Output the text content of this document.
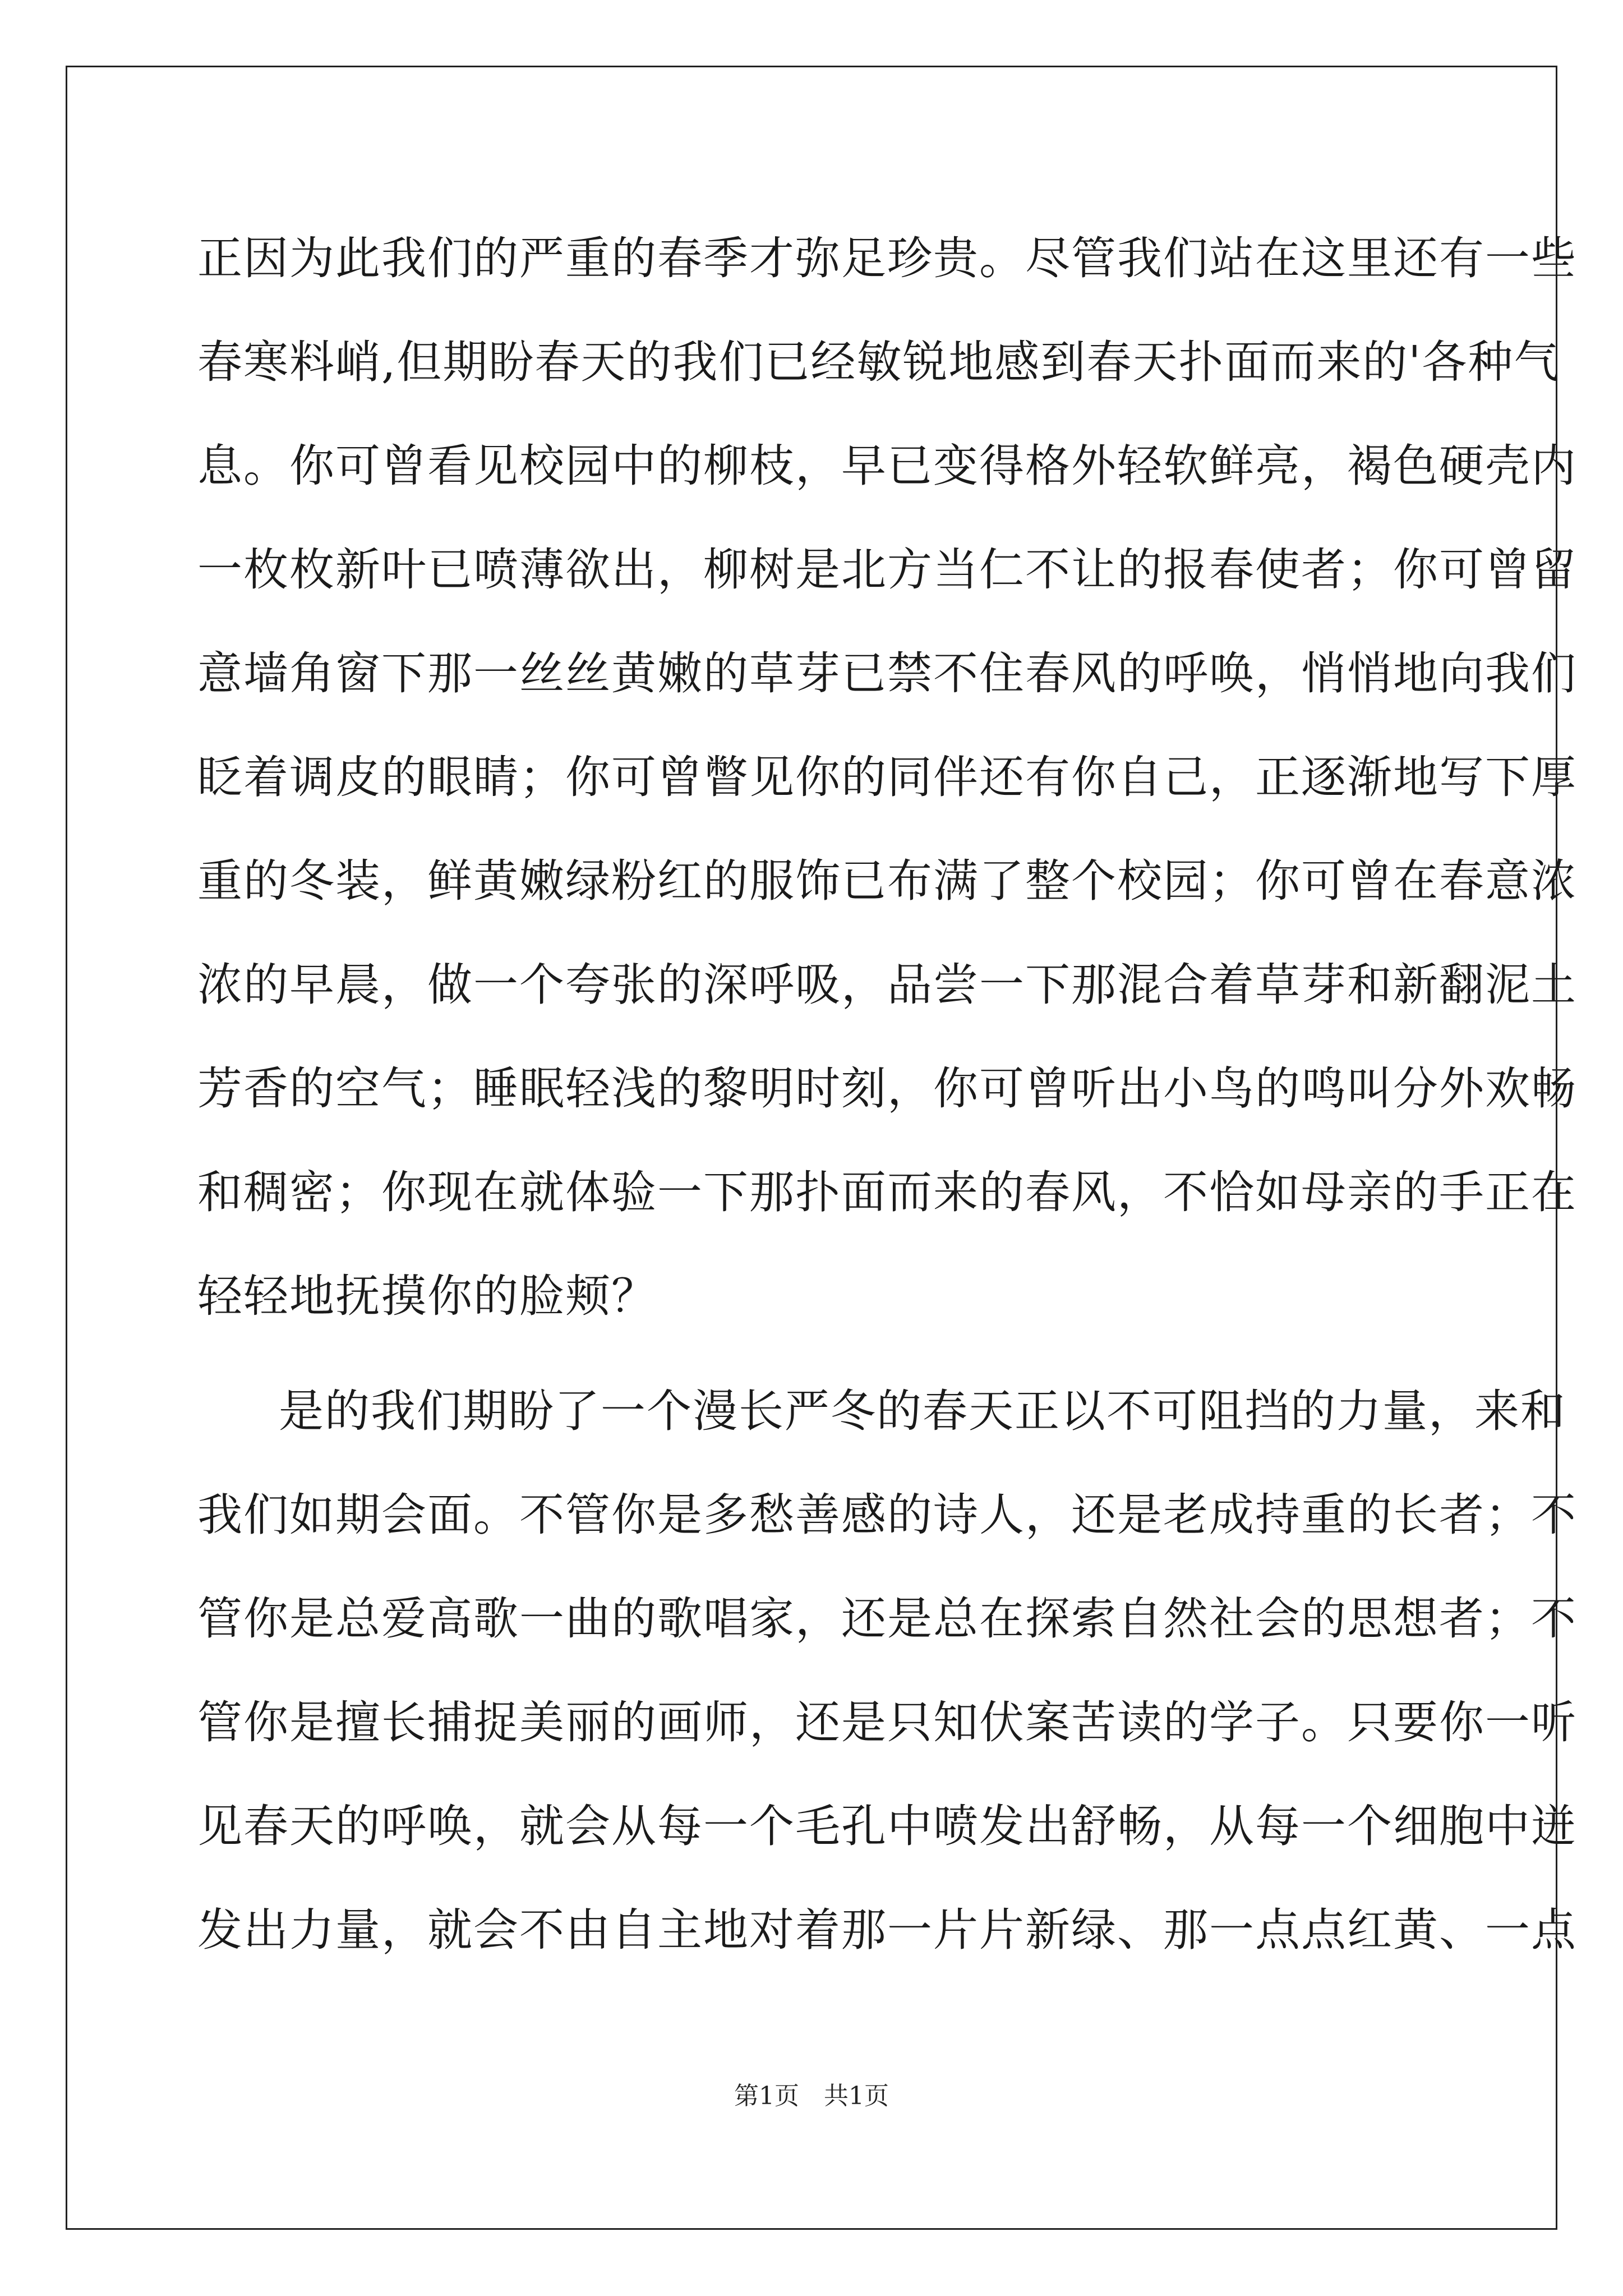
正因为此我们的严重的春季才弥足珍贵。尽管我们站在这里还有一些
春寒料峭,但期盼春天的我们已经敏锐地感到春天扑面而来的'各种气
息。你可曾看见校园中的柳枝，早已变得格外轻软鲜亮，褐色硬壳内
一枚枚新叶已喷薄欲出，柳树是北方当仁不让的报春使者；你可曾留
意墙角窗下那一丝丝黄嫩的草芽已禁不住春风的呼唤，悄悄地向我们
眨着调皮的眼睛；你可曾瞥见你的同伴还有你自己，正逐渐地写下厚
重的冬装，鲜黄嫩绿粉红的服饰已布满了整个校园；你可曾在春意浓
浓的早晨，做一个夸张的深呼吸，品尝一下那混合着草芽和新翻泥土
芳香的空气；睡眠轻浅的黎明时刻，你可曾听出小鸟的鸣叫分外欢畅
和稠密；你现在就体验一下那扑面而来的春风，不恰如母亲的手正在
轻轻地抚摸你的脸颊？
是的我们期盼了一个漫长严冬的春天正以不可阻挡的力量，来和
我们如期会面。不管你是多愁善感的诗人，还是老成持重的长者；不
管你是总爱高歌一曲的歌唱家，还是总在探索自然社会的思想者；不
管你是擅长捕捉美丽的画师，还是只知伏案苦读的学子。只要你一听
见春天的呼唤，就会从每一个毛孔中喷发出舒畅，从每一个细胞中迸
发出力量，就会不由自主地对着那一片片新绿、那一点点红黄、一点
第1页　共1页
